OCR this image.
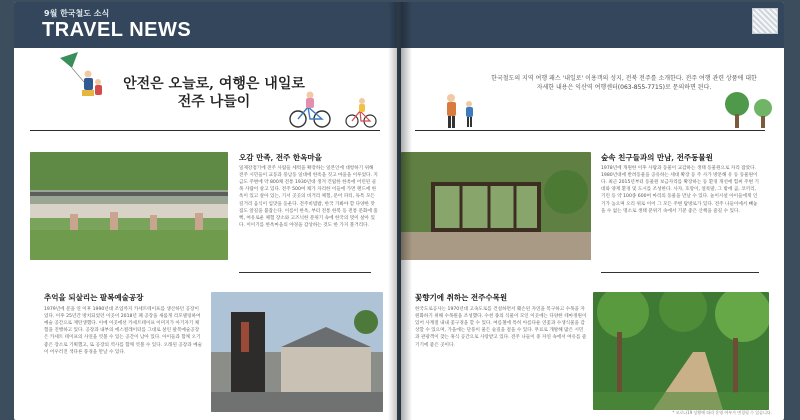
9월 한국철도 소식
TRAVEL NEWS
안전은 오늘로, 여행은 내일로
전주 나들이
오감 만족, 전주 한옥마을
일제강점기에 전주 사람들 세력을 확장하는 일본인에 대항하기 위해 전주 시민들이 교동과 풍남동 일대에 한옥을 짓고 마을을 이루었다. 지금도 주변에 약 800채 전통 1930년대 생겨 건립한 한옥에 어린된 골목 사람이 살고 있다. 전주 500여 채가 자리한 이들에 가면 랜드에 한옥이 있고 살아 있는, 기서 곳곳의 비거리 체험, 문어 파티, 독특 모든 길거리 음식이 입맛을 돋운다. 전주비빔밥, 한국 가봐야 할 다양한 맛집도 알길을 불잡는다. 이름이 한옥, 부터 전통 한복 등 전통 문화에 흠뻑, 여유로운 체험 장소와 고즈넉한 분위기 속에 한국의 멋이 살아 있다. 이이기를 한옥마을의 야경을 감상하는 것도 한 가지 볼거리다.
추억을 되살리는 팔복예술공장
1979년에 문을 연 이후 1990년대 조업까지 카세트테이프를 생산하던 공장이었다. 이후 25년간 방치되었던 이곳이 2018년 폐 공장을 새롭게 리모델링하여 예술 공간으로 재탄생했다. 이에 이곳에선 카세트테이프 이미지가 아기자기 체험을 진행하고 있다. 공장과 내부의 에스컬레이터를 그대로 살린 팔복예술공장은 카세트 테이프의 사연을 엿볼 수 있는 공간이 남아 있다. 아이들과 함께 오기 좋은 장소로 기획했고, 또 공장의 역사를 함께 엿볼 수 있다. 오래된 공장과 예술이 어우러진 색다른 풍경을 만날 수 있다.
한국철도의 지역 여행 패스 '내일로' 이용객의 성지, 전북 전주를 소개한다. 전주 여행 관련 상품에 대한 자세한 내용은 익산역 여행센터(063-855-7715)로 문의하면 된다.
숲속 친구들과의 만남, 전주동물원
1978년에 개원한 이후 사람과 동물이 교감하는 생태 동물원으로 자리 잡았다. 1980년대에 반려동물을 공유하는 세대 확장 등 주 사가 방문해 유 등 동물원이다. 최근 2015년부터 동물원 보금자리를 확장하는 등 환경 개선에 힘써 주변 기대와 양재 환경 및 도시를 조성한다. 사자, 호랑이, 얼룩말, 그 밖에 곰, 코끼리, 기린 등 약 100종 600여 마리의 동물을 만날 수 있다. 놀이시설 아이들에게 인기가 높으며 오리 위로 이어 그 모든 주변 탐방로가 있다. 전주 나들이에서 빼놓을 수 없는 명소로 생태 분위기 속에서 기분 좋은 산책을 즐길 수 있다.
꽃향기에 취하는 전주수목원
한국도로공사는 1970년대 고속도로를 건설하면서 훼손된 자연을 복구하고 수목을 자원화하기 위해 수목원을 조성했다. 수천 종의 식물이 모인 이곳에는 다양한 테마정원이 있어 사계절 내내 꽃구경을 할 수 있다. 여름철에 특히 아름다운 연꽃과 수생식물을 감상할 수 있으며, 가을에는 단풍이 물든 숲길을 걸을 수 있다. 무료로 개방해 많은 시민과 관광객이 찾는 휴식 공간으로 사랑받고 있다. 전주 나들이 중 자연 속에서 여유를 즐기기에 좋은 곳이다.
* 코로나19 상황에 따라 운영 여부가 변경될 수 있습니다.
